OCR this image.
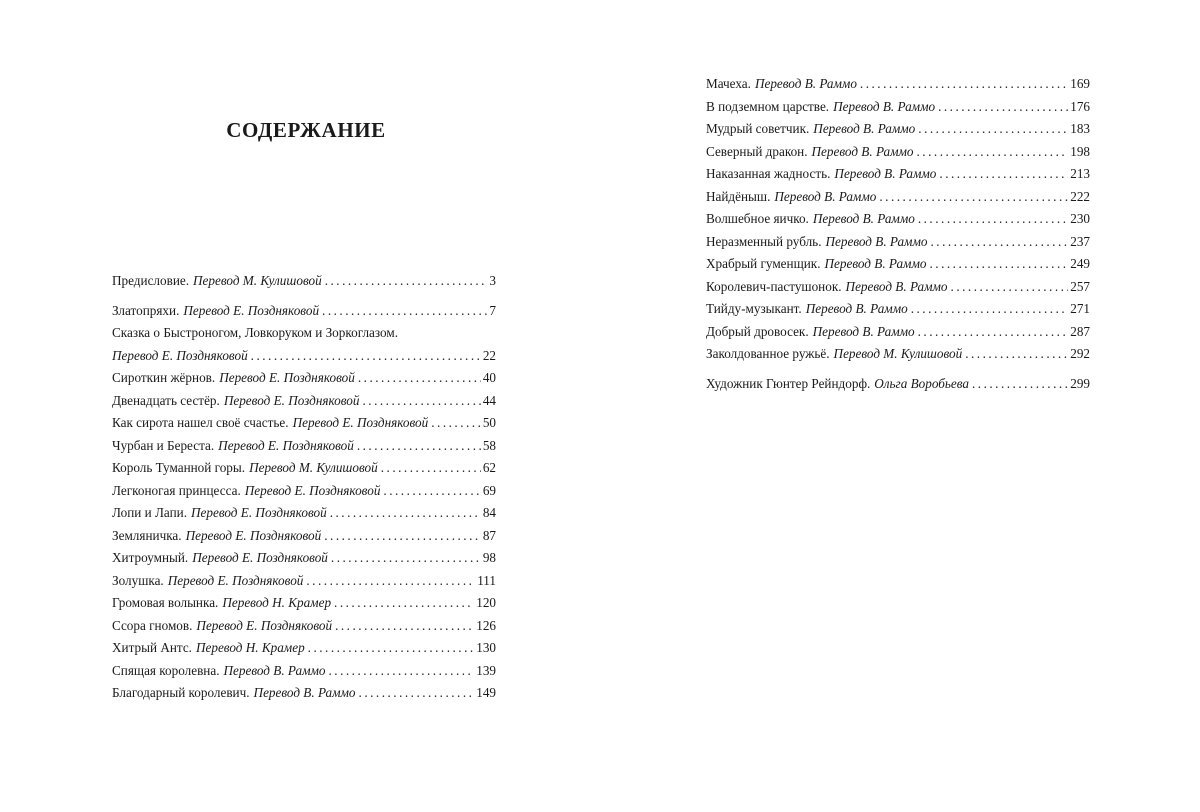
СОДЕРЖАНИЕ
Предисловие. Перевод М. Кулишовой . . .	3
Златопряхи. Перевод Е. Поздняковой . . .	7
Сказка о Быстроногом, Ловкоруком и Зоркоглазом.
Перевод Е. Поздняковой . . .	22
Сироткин жёрнов. Перевод Е. Поздняковой . . .	40
Двенадцать сестёр. Перевод Е. Поздняковой . . .	44
Как сирота нашел своё счастье. Перевод Е. Поздняковой . . .	50
Чурбан и Береста. Перевод Е. Поздняковой . . .	58
Король Туманной горы. Перевод М. Кулишовой . . .	62
Легконогая принцесса. Перевод Е. Поздняковой . . .	69
Лопи и Лапи. Перевод Е. Поздняковой . . .	84
Земляничка. Перевод Е. Поздняковой . . .	87
Хитроумный. Перевод Е. Поздняковой . . .	98
Золушка. Перевод Е. Поздняковой . . .	111
Громовая волынка. Перевод Н. Крамер . . .	120
Ссора гномов. Перевод Е. Поздняковой . . .	126
Хитрый Антс. Перевод Н. Крамер . . .	130
Спящая королевна. Перевод В. Раммо . . .	139
Благодарный королевич. Перевод В. Раммо . . .	149
Мачеха. Перевод В. Раммо . . .	169
В подземном царстве. Перевод В. Раммо . . .	176
Мудрый советчик. Перевод В. Раммо . . .	183
Северный дракон. Перевод В. Раммо . . .	198
Наказанная жадность. Перевод В. Раммо . . .	213
Найдёныш. Перевод В. Раммо . . .	222
Волшебное яичко. Перевод В. Раммо . . .	230
Неразменный рубль. Перевод В. Раммо . . .	237
Храбрый гуменщик. Перевод В. Раммо . . .	249
Королевич-пастушонок. Перевод В. Раммо . . .	257
Тийду-музыкант. Перевод В. Раммо . . .	271
Добрый дровосек. Перевод В. Раммо . . .	287
Заколдованное ружьё. Перевод М. Кулишовой . . .	292
Художник Гюнтер Рейндорф. Ольга Воробьева . . .	299
